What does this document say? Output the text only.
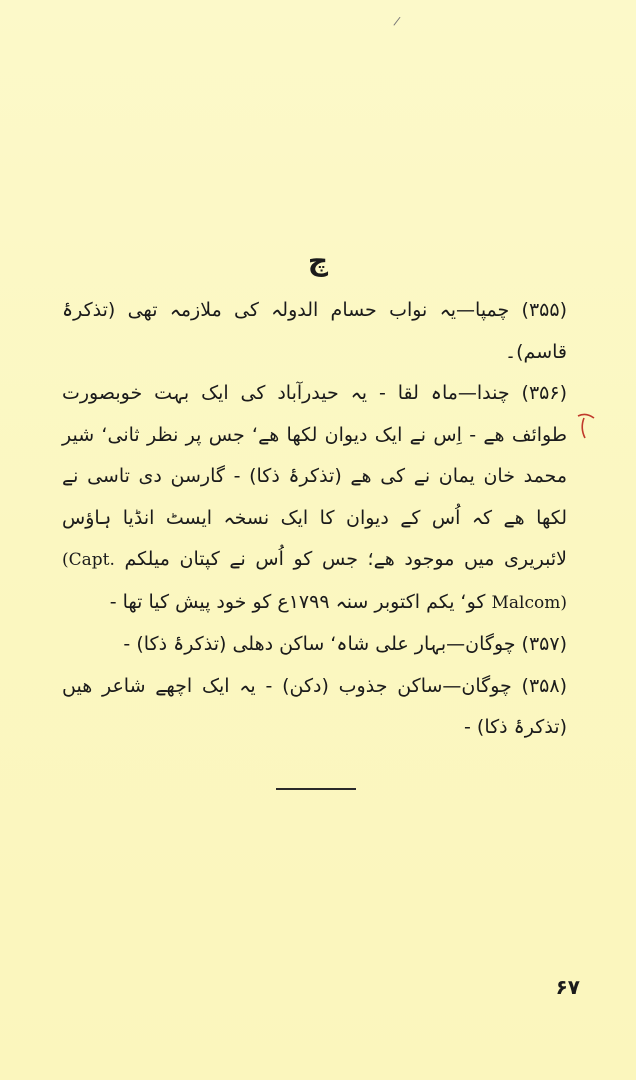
/
چ

(۳۵۵) چمپا—یہ نواب حسام الدولہ کی ملازمہ تھی (تذکرۂ قاسم)۔

(۳۵۶) چندا—ماہ لقا - یہ حیدرآباد کی ایک بہت خوبصورت طوائف ھے - اِس نے ایک دیوان لکھا ھے‘ جس پر نظر ثانی‘ شیر محمد خان یمان نے کی ھے (تذکرۂ ذکا) - گارسن دی تاسی نے لکھا ھے کہ اُس کے دیوان کا ایک نسخہ ایسٹ انڈیا ہاؤس لائبریری میں موجود ھے؛ جس کو اُس نے کپتان میلکم (Capt. Malcom) کو‘ یکم اکتوبر سنہ ۱۷۹۹ع کو خود پیش کیا تھا -

(۳۵۷) چوگان—بہار علی شاہ‘ ساکن دھلی (تذکرۂ ذکا) -

(۳۵۸) چوگان—ساکن جذوب (دکن) - یہ ایک اچھے شاعر ھیں (تذکرۂ ذکا) -

۶۷
